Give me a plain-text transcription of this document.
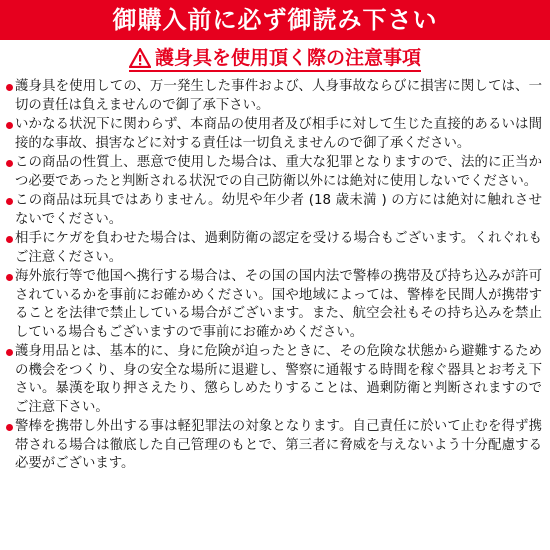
御購入前に必ず御読み下さい
護身具を使用頂く際の注意事項
護身具を使用しての、万一発生した事件および、人身事故ならびに損害に関しては、一切の責任は負えませんので御了承下さい。
いかなる状況下に関わらず、本商品の使用者及び相手に対して生じた直接的あるいは間接的な事故、損害などに対する責任は一切負えませんので御了承ください。
この商品の性質上、悪意で使用した場合は、重大な犯罪となりますので、法的に正当かつ必要であったと判断される状況での自己防衛以外には絶対に使用しないでください。
この商品は玩具ではありません。幼児や年少者 (18 歳未満 ) の方には絶対に触れさせないでください。
相手にケガを負わせた場合は、過剰防衛の認定を受ける場合もございます。くれぐれもご注意ください。
海外旅行等で他国へ携行する場合は、その国の国内法で警棒の携帯及び持ち込みが許可されているかを事前にお確かめください。国や地域によっては、警棒を民間人が携帯することを法律で禁止している場合がございます。また、航空会社もその持ち込みを禁止している場合もございますので事前にお確かめください。
護身用品とは、基本的に、身に危険が迫ったときに、その危険な状態から避難するための機会をつくり、身の安全な場所に退避し、警察に通報する時間を稼ぐ器具とお考え下さい。暴漢を取り押さえたり、懲らしめたりすることは、過剰防衛と判断されますのでご注意下さい。
警棒を携帯し外出する事は軽犯罪法の対象となります。自己責任に於いて止むを得ず携帯される場合は徹底した自己管理のもとで、第三者に脅威を与えないよう十分配慮する必要がございます。
